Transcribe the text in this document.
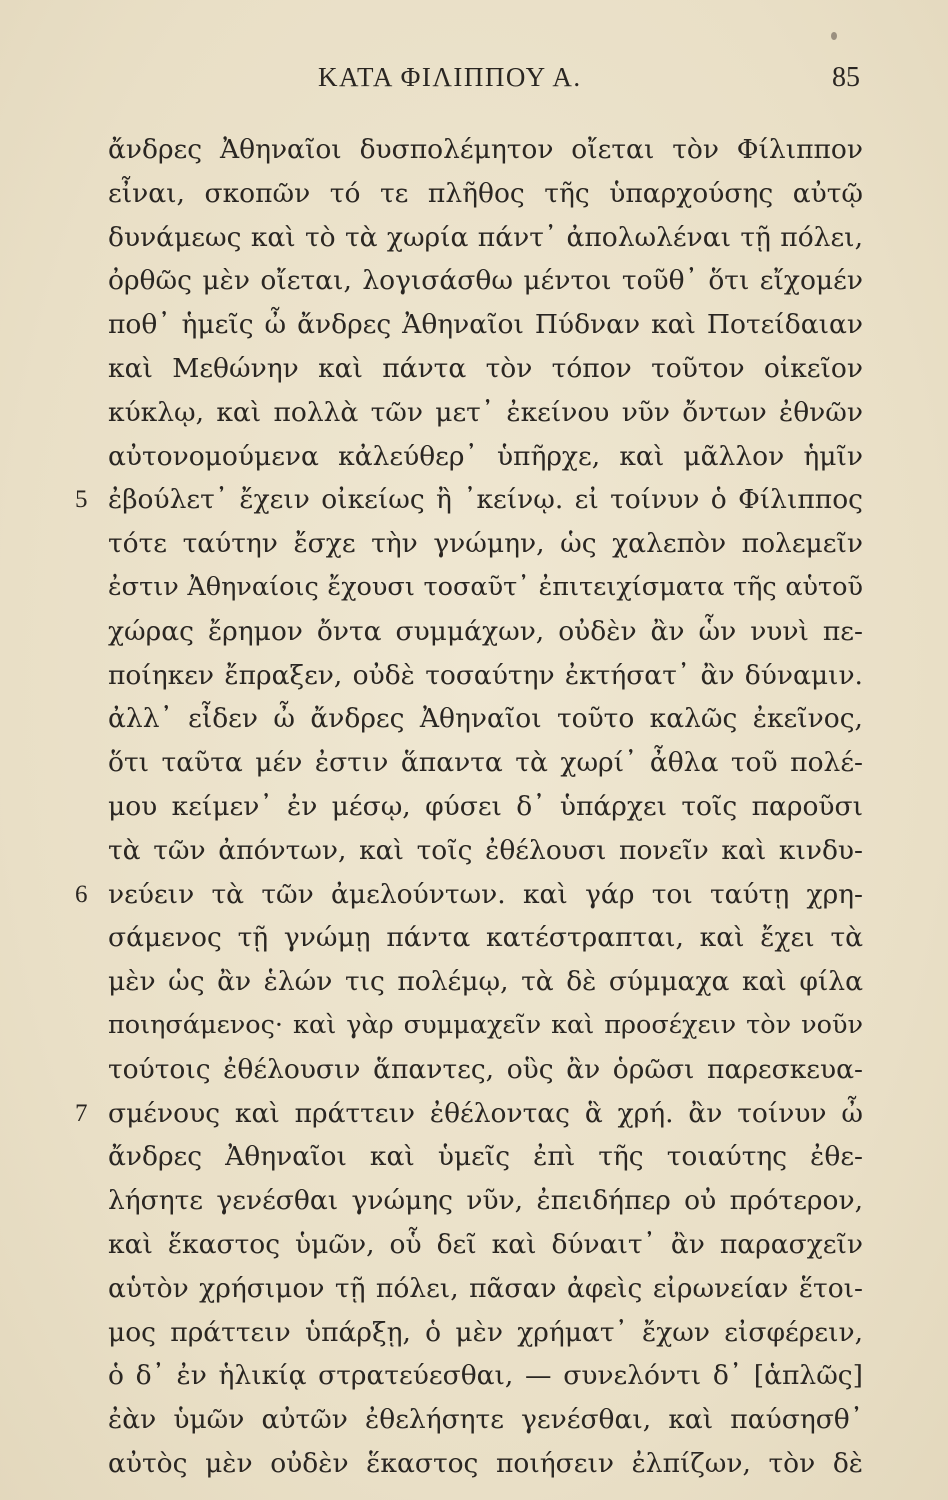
ΚΑΤΑ ΦΙΛΙΠΠΟΥ Α.	85
ἄνδρες Ἀθηναῖοι δυσπολέμητον οἴεται τὸν Φίλιππον
εἶναι, σκοπῶν τό τε πλῆθος τῆς ὑπαρχούσης αὐτῷ
δυνάμεως καὶ τὸ τὰ χωρία πάντ᾽ ἀπολωλέναι τῇ πόλει,
ὀρθῶς μὲν οἴεται, λογισάσθω μέντοι τοῦθ᾽ ὅτι εἴχομέν
ποθ᾽ ἡμεῖς ὦ ἄνδρες Ἀθηναῖοι Πύδναν καὶ Ποτείδαιαν
καὶ Μεθώνην καὶ πάντα τὸν τόπον τοῦτον οἰκεῖον
κύκλῳ, καὶ πολλὰ τῶν μετ᾽ ἐκείνου νῦν ὄντων ἐθνῶν
αὐτονομούμενα κἀλεύθερ᾽ ὑπῆρχε, καὶ μᾶλλον ἡμῖν
5 ἐβούλετ᾽ ἔχειν οἰκείως ἢ ᾽κείνῳ. εἰ τοίνυν ὁ Φίλιππος
τότε ταύτην ἔσχε τὴν γνώμην, ὡς χαλεπὸν πολεμεῖν
ἐστιν Ἀθηναίοις ἔχουσι τοσαῦτ᾽ ἐπιτειχίσματα τῆς αὑτοῦ
χώρας ἔρημον ὄντα συμμάχων, οὐδὲν ἂν ὧν νυνὶ πε-
ποίηκεν ἔπραξεν, οὐδὲ τοσαύτην ἐκτήσατ᾽ ἂν δύναμιν.
ἀλλ᾽ εἶδεν ὦ ἄνδρες Ἀθηναῖοι τοῦτο καλῶς ἐκεῖνος,
ὅτι ταῦτα μέν ἐστιν ἅπαντα τὰ χωρί᾽ ἆθλα τοῦ πολέ-
μου κείμεν᾽ ἐν μέσῳ, φύσει δ᾽ ὑπάρχει τοῖς παροῦσι
τὰ τῶν ἀπόντων, καὶ τοῖς ἐθέλουσι πονεῖν καὶ κινδυ-
6 νεύειν τὰ τῶν ἀμελούντων. καὶ γάρ τοι ταύτῃ χρη-
σάμενος τῇ γνώμῃ πάντα κατέστραπται, καὶ ἔχει τὰ
μὲν ὡς ἂν ἑλών τις πολέμῳ, τὰ δὲ σύμμαχα καὶ φίλα
ποιησάμενος· καὶ γὰρ συμμαχεῖν καὶ προσέχειν τὸν νοῦν
τούτοις ἐθέλουσιν ἅπαντες, οὓς ἂν ὁρῶσι παρεσκευα-
7 σμένους καὶ πράττειν ἐθέλοντας ἃ χρή. ἂν τοίνυν ὦ
ἄνδρες Ἀθηναῖοι καὶ ὑμεῖς ἐπὶ τῆς τοιαύτης ἐθε-
λήσητε γενέσθαι γνώμης νῦν, ἐπειδήπερ οὐ πρότερον,
καὶ ἕκαστος ὑμῶν, οὗ δεῖ καὶ δύναιτ᾽ ἂν παρασχεῖν
αὑτὸν χρήσιμον τῇ πόλει, πᾶσαν ἀφεὶς εἰρωνείαν ἕτοι-
μος πράττειν ὑπάρξῃ, ὁ μὲν χρήματ᾽ ἔχων εἰσφέρειν,
ὁ δ᾽ ἐν ἡλικίᾳ στρατεύεσθαι, — συνελόντι δ᾽ [ἁπλῶς]
ἐὰν ὑμῶν αὐτῶν ἐθελήσητε γενέσθαι, καὶ παύσησθ᾽
αὐτὸς μὲν οὐδὲν ἕκαστος ποιήσειν ἐλπίζων, τὸν δὲ
